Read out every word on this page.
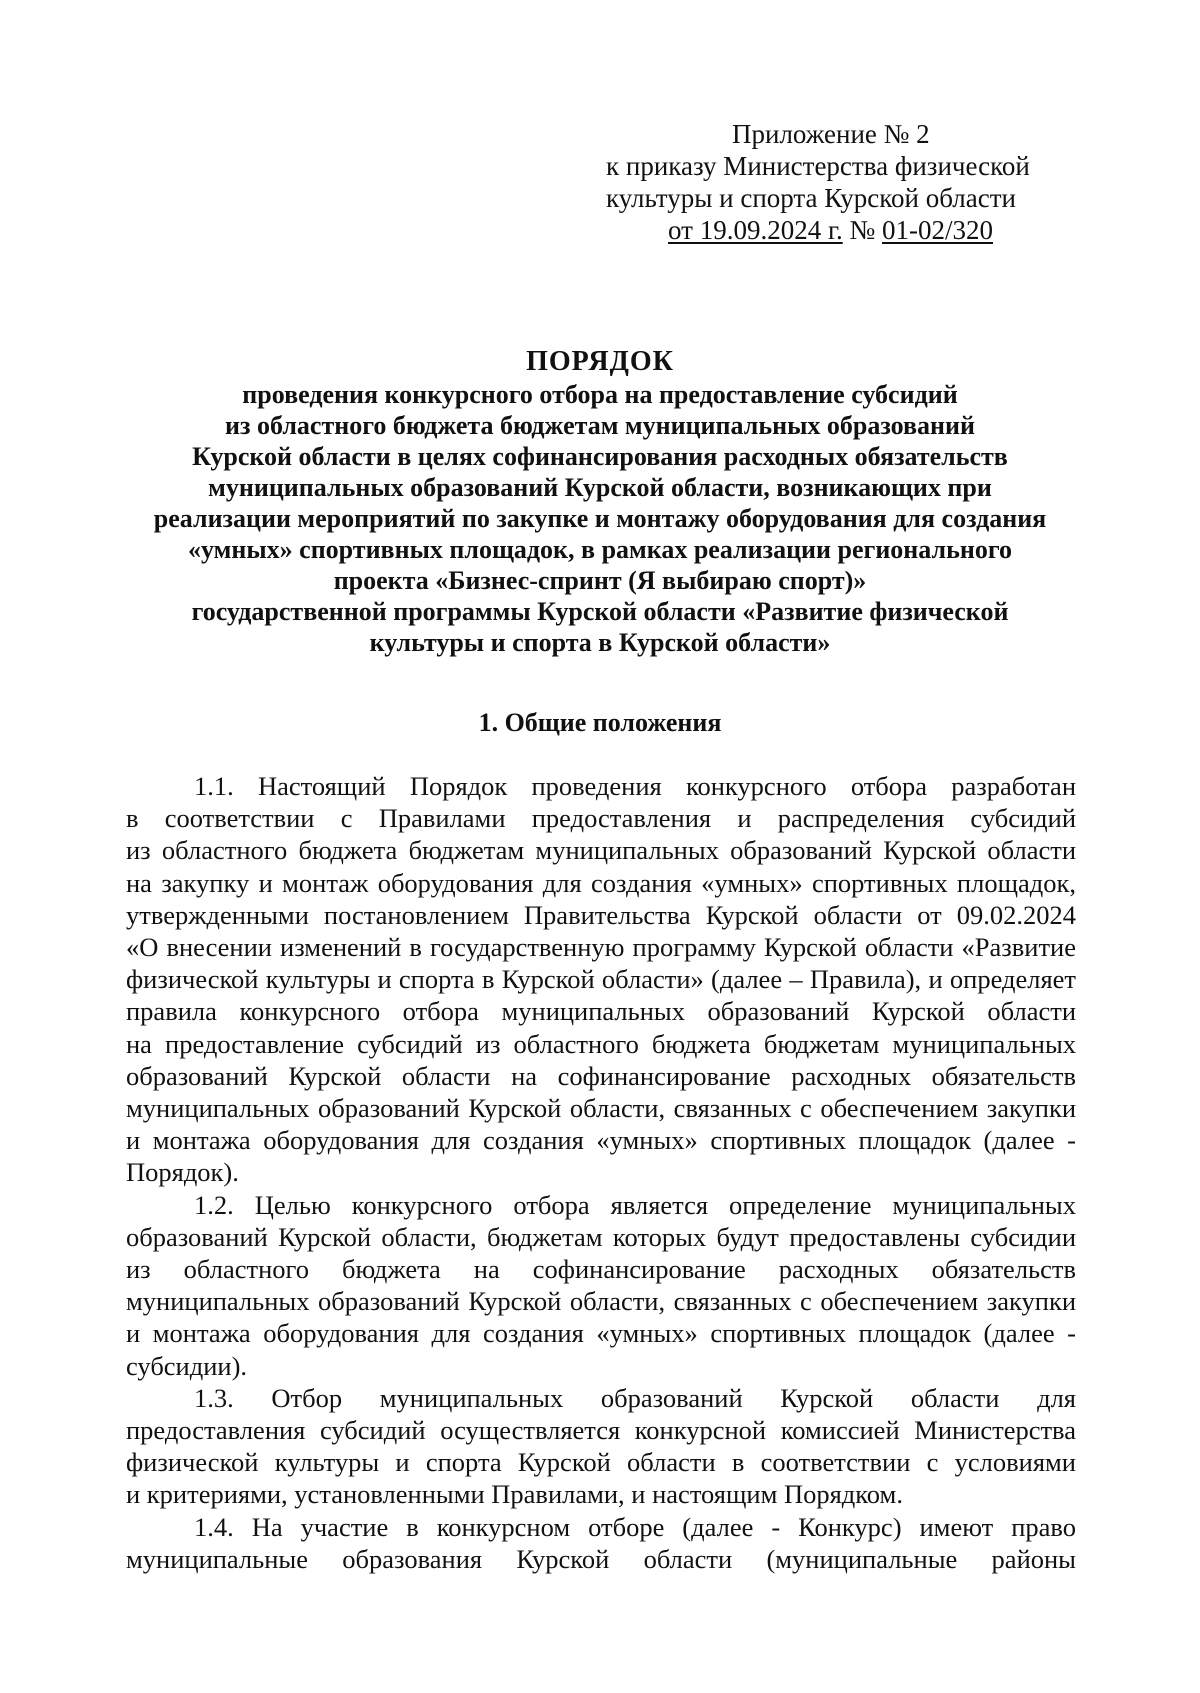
Приложение № 2
к приказу Министерства физической
культуры и спорта Курской области
от 19.09.2024 г. № 01-02/320
ПОРЯДОК
проведения конкурсного отбора на предоставление субсидий
из областного бюджета бюджетам муниципальных образований
Курской области в целях софинансирования расходных обязательств
муниципальных образований Курской области, возникающих при
реализации мероприятий по закупке и монтажу оборудования для создания
«умных» спортивных площадок, в рамках реализации регионального
проекта «Бизнес-спринт (Я выбираю спорт)»
государственной программы Курской области «Развитие физической
культуры и спорта в Курской области»
1. Общие положения
1.1. Настоящий Порядок проведения конкурсного отбора разработан
в соответствии с Правилами предоставления и распределения субсидий
из областного бюджета бюджетам муниципальных образований Курской области
на закупку и монтаж оборудования для создания «умных» спортивных площадок,
утвержденными постановлением Правительства Курской области от 09.02.2024
«О внесении изменений в государственную программу Курской области «Развитие
физической культуры и спорта в Курской области» (далее – Правила), и определяет
правила конкурсного отбора муниципальных образований Курской области
на предоставление субсидий из областного бюджета бюджетам муниципальных
образований Курской области на софинансирование расходных обязательств
муниципальных образований Курской области, связанных с обеспечением закупки
и монтажа оборудования для создания «умных» спортивных площадок (далее -
Порядок).
1.2. Целью конкурсного отбора является определение муниципальных
образований Курской области, бюджетам которых будут предоставлены субсидии
из областного бюджета на софинансирование расходных обязательств
муниципальных образований Курской области, связанных с обеспечением закупки
и монтажа оборудования для создания «умных» спортивных площадок (далее -
субсидии).
1.3. Отбор муниципальных образований Курской области для
предоставления субсидий осуществляется конкурсной комиссией Министерства
физической культуры и спорта Курской области в соответствии с условиями
и критериями, установленными Правилами, и настоящим Порядком.
1.4. На участие в конкурсном отборе (далее - Конкурс) имеют право
муниципальные образования Курской области (муниципальные районы
